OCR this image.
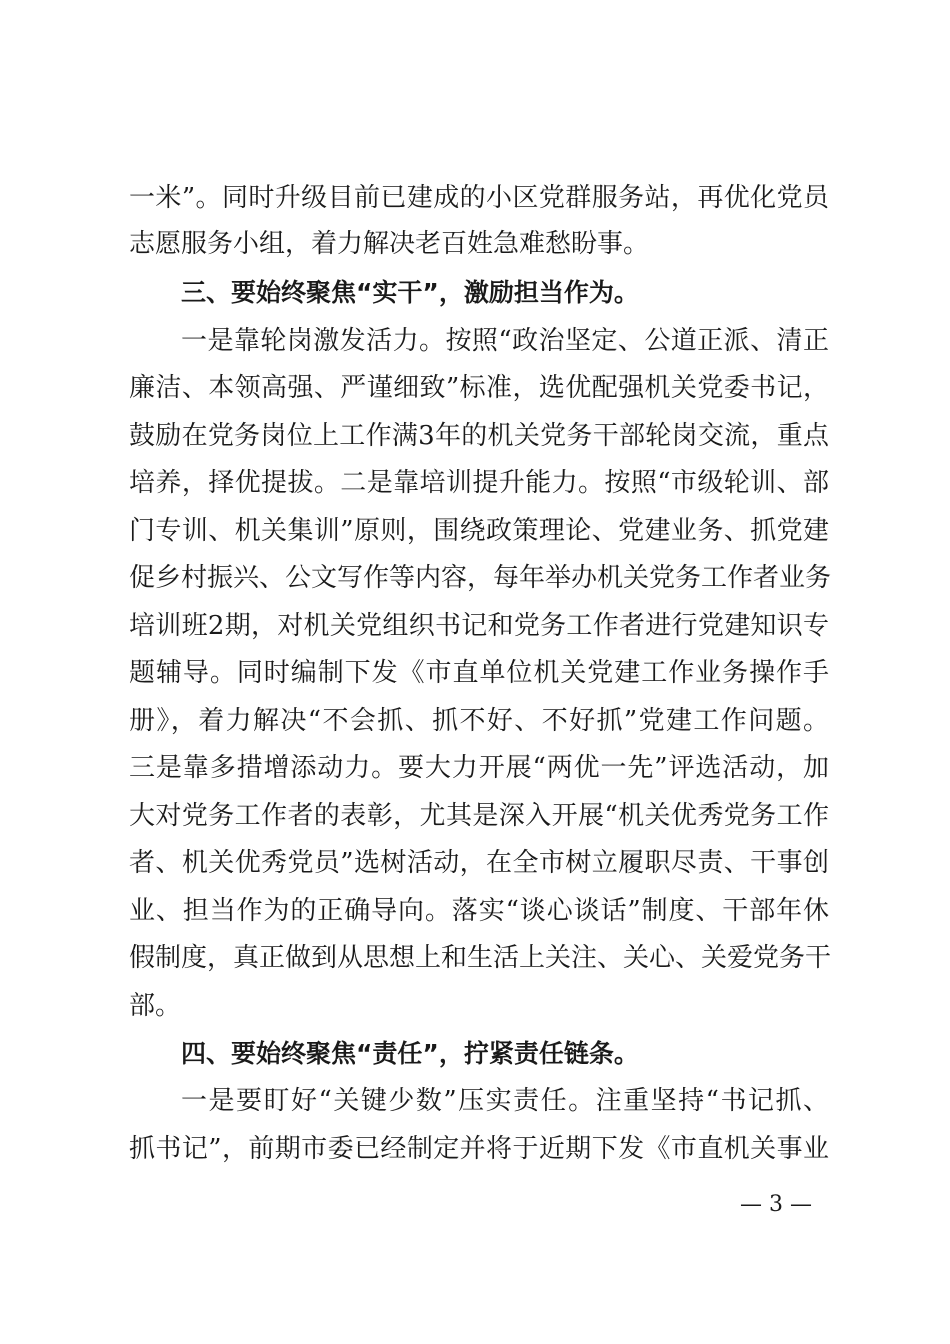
一米”。同时升级目前已建成的小区党群服务站，再优化党员
志愿服务小组，着力解决老百姓急难愁盼事。
三、要始终聚焦“实干”，激励担当作为。
一是靠轮岗激发活力。按照“政治坚定、公道正派、清正
廉洁、本领高强、严谨细致”标准，选优配强机关党委书记，
鼓励在党务岗位上工作满3年的机关党务干部轮岗交流，重点
培养，择优提拔。二是靠培训提升能力。按照“市级轮训、部
门专训、机关集训”原则，围绕政策理论、党建业务、抓党建
促乡村振兴、公文写作等内容，每年举办机关党务工作者业务
培训班2期，对机关党组织书记和党务工作者进行党建知识专
题辅导。同时编制下发《市直单位机关党建工作业务操作手
册》，着力解决“不会抓、抓不好、不好抓”党建工作问题。
三是靠多措增添动力。要大力开展“两优一先”评选活动，加
大对党务工作者的表彰，尤其是深入开展“机关优秀党务工作
者、机关优秀党员”选树活动，在全市树立履职尽责、干事创
业、担当作为的正确导向。落实“谈心谈话”制度、干部年休
假制度，真正做到从思想上和生活上关注、关心、关爱党务干
部。
四、要始终聚焦“责任”，拧紧责任链条。
一是要盯好“关键少数”压实责任。注重坚持“书记抓、
抓书记”，前期市委已经制定并将于近期下发《市直机关事业
— 3 —
